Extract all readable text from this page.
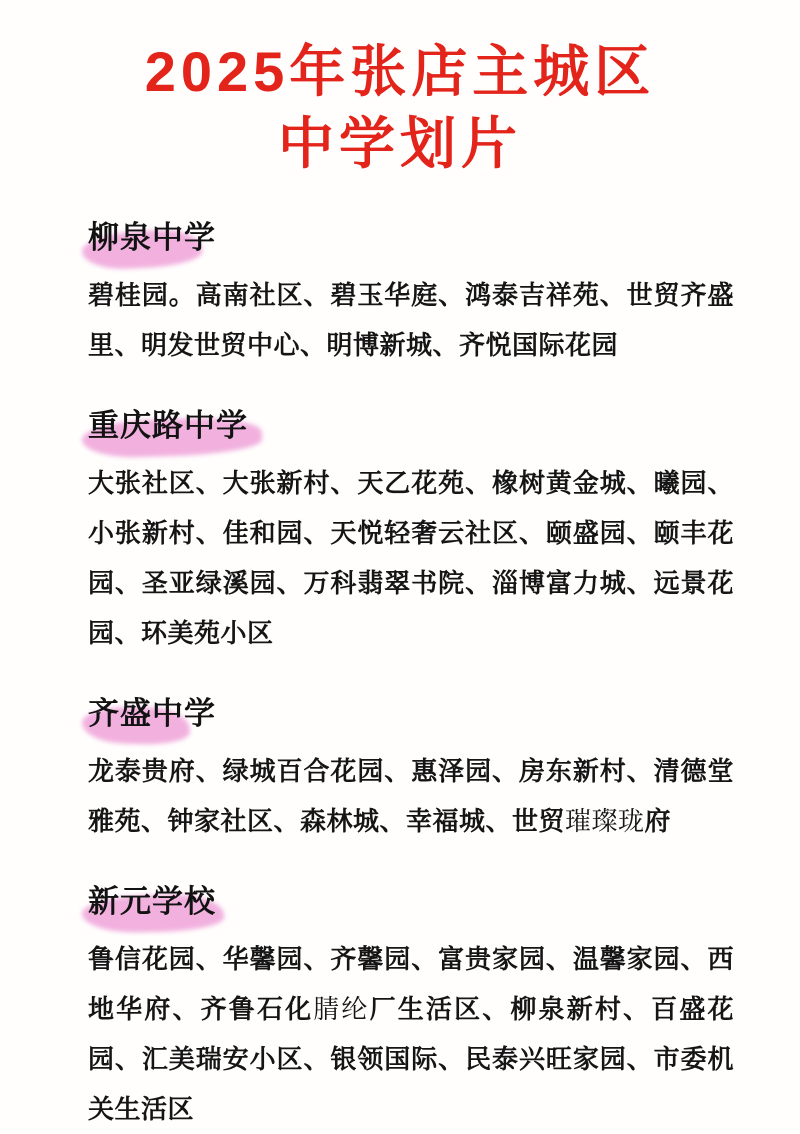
2025年张店主城区
中学划片
柳泉中学

碧桂园。高南社区、碧玉华庭、鸿泰吉祥苑、世贸齐盛里、明发世贸中心、明博新城、齐悦国际花园

重庆路中学

大张社区、大张新村、天乙花苑、橡树黄金城、曦园、小张新村、佳和园、天悦轻奢云社区、颐盛园、颐丰花园、圣亚绿溪园、万科翡翠书院、淄博富力城、远景花园、环美苑小区

齐盛中学

龙泰贵府、绿城百合花园、惠泽园、房东新村、清德堂雅苑、钟家社区、森林城、幸福城、世贸璀璨珑府

新元学校

鲁信花园、华馨园、齐馨园、富贵家园、温馨家园、西地华府、齐鲁石化腈纶厂生活区、柳泉新村、百盛花园、汇美瑞安小区、银领国际、民泰兴旺家园、市委机关生活区
